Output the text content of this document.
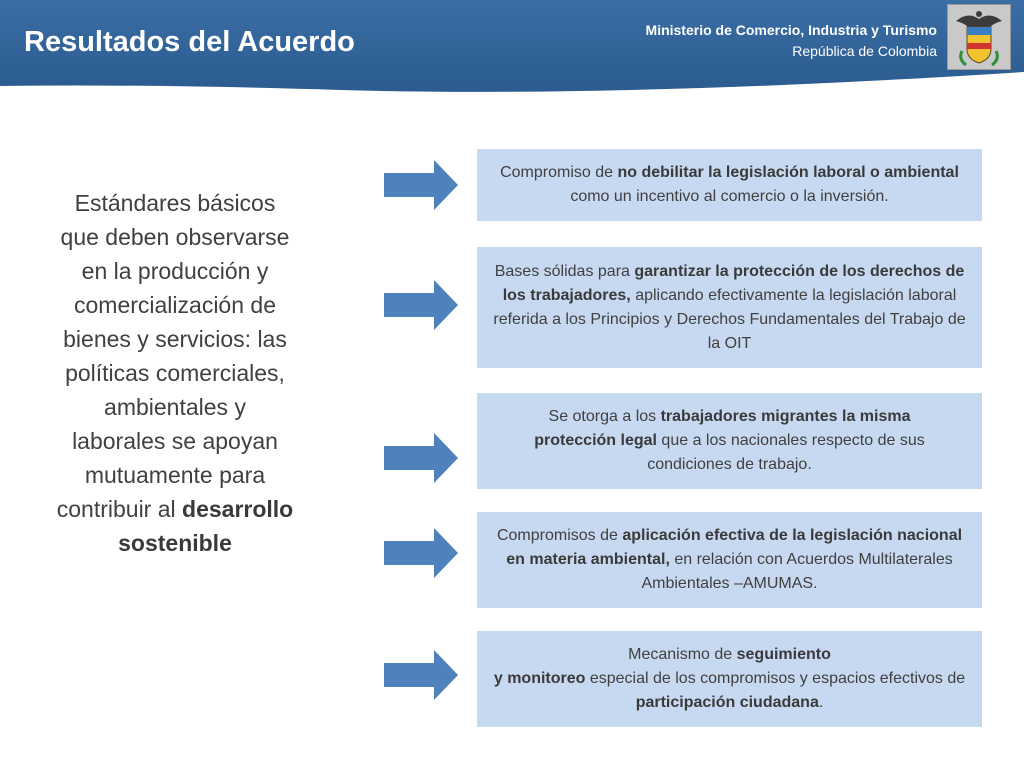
Resultados del Acuerdo	Ministerio de Comercio, Industria y Turismo
República de Colombia
Estándares básicos que deben observarse en la producción y comercialización de bienes y servicios: las políticas comerciales, ambientales y laborales se apoyan mutuamente para contribuir al desarrollo sostenible
Compromiso de no debilitar la legislación laboral o ambiental como un incentivo al comercio o la inversión.
Bases sólidas para garantizar la protección de los derechos de los trabajadores, aplicando efectivamente la legislación laboral referida a los Principios y Derechos Fundamentales del Trabajo de la OIT
Se otorga a los trabajadores migrantes la misma protección legal que a los nacionales respecto de sus condiciones de trabajo.
Compromisos de aplicación efectiva de la legislación nacional en materia ambiental, en relación con Acuerdos Multilaterales Ambientales –AMUMAS.
Mecanismo de seguimiento
y monitoreo especial de los compromisos y espacios efectivos de participación ciudadana.
